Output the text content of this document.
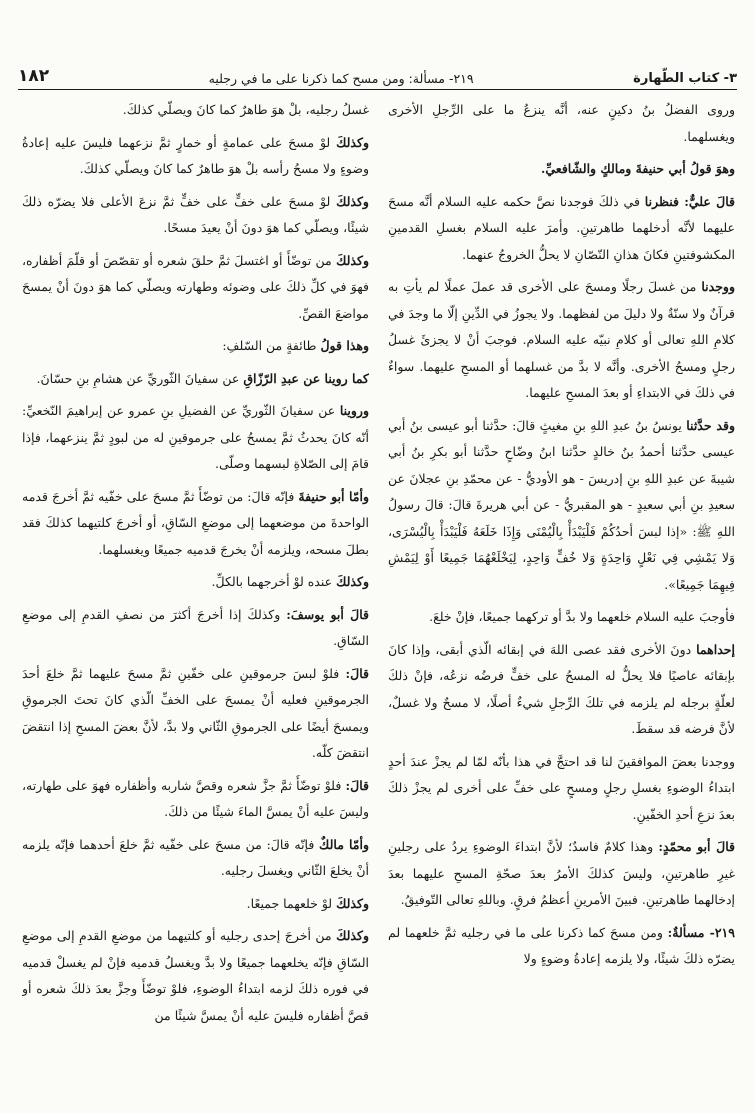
٣- كتاب الطّهارة
٢١٩- مسألة: ومن مسح كما ذكرنا على ما في رجليه
١٨٢

وروى الفضلُ بنُ دكينٍ عنه، أنَّه ينزعُ ما على الرِّجلِ الأخرى ويغسلهما.

وهوَ قولُ أبي حنيفةَ ومالكٍ والشّافعيِّ.

قالَ عليٌّ: فنظرنا في ذلكَ فوجدنا نصَّ حكمه عليه السلام أنَّه مسحَ عليهما لأنَّه أدخلهما طاهرتينِ. وأمرَ عليه السلام بغسلِ القدمينِ المكشوفتينِ فكانَ هذانِ النّصّانِ لا يحلُّ الخروجُ عنهما.

ووجدنا من غسلَ رجلًا ومسحَ على الأخرى قد عملَ عملًا لم يأتِ به قرآنٌ ولا سنّةٌ ولا دليلَ من لفظهما. ولا يجوزُ في الدِّينِ إلّا ما وجدَ في كلامِ اللهِ تعالى أو كلامِ نبيّه عليه السلام. فوجبَ أنْ لا يجزئَ غسلُ رجلٍ ومسحُ الأخرى. وأنَّه لا بدَّ من غسلهما أو المسحِ عليهما. سواءٌ في ذلكَ في الابتداءِ أو بعدَ المسحِ عليهما.

وقد حدَّثنا يونسُ بنُ عبدِ اللهِ بنِ مغيثٍ قالَ: حدَّثنا أبو عيسى بنُ أبي عيسى حدَّثنا أحمدُ بنُ خالدٍ حدَّثنا ابنُ وضّاحٍ حدَّثنا أبو بكرِ بنُ أبي شيبةَ عن عبدِ اللهِ بنِ إدريسَ - هو الأوديُّ - عن محمّدِ بنِ عجلانَ عن سعيدِ بنِ أبي سعيدٍ - هو المقبريُّ - عن أبي هريرةَ قالَ: قالَ رسولُ اللهِ ﷺ: «إذا لبسَ أحدُكُمْ فَلْيَبْدَأْ بِالْيُمْنَى وَإِذَا خَلَعَهُ فَلْيَبْدَأْ بِالْيُسْرَى، وَلا يَمْشِي فِي نَعْلٍ وَاحِدَةٍ وَلا خُفٍّ وَاحِدٍ، لِيَخْلَعْهُمَا جَمِيعًا أَوْ لِيَمْشِ فِيهِمَا جَمِيعًا».

فأوجبَ عليه السلام خلعهما ولا بدَّ أو تركهما جميعًا، فإنْ خلعَ.

إحداهما دونَ الأخرى فقد عصى اللهَ في إبقائه الّذي أبقى، وإذا كانَ بإبقائه عاصيًا فلا يحلُّ له المسحُ على خفٍّ فرضُه نزعُه، فإنْ ذلكَ لعلّةٍ برجله لم يلزمه في تلكَ الرِّجلِ شيءٌ أصلًا، لا مسحٌ ولا غسلٌ، لأنَّ فرضه قد سقطَ.

ووجدنا بعضَ الموافقينَ لنا قد احتجَّ في هذا بأنّه لمّا لم يجزْ عندَ أحدٍ ابتداءُ الوضوءِ بغسلِ رجلٍ ومسحٍ على خفِّ على أخرى لم يجزْ ذلكَ بعدَ نزعِ أحدِ الخفّينِ.

قالَ أبو محمّدٍ: وهذا كلامٌ فاسدٌ؛ لأنَّ ابتداءَ الوضوءِ يردُ على رجلينِ غيرِ طاهرتينِ، وليسَ كذلكَ الأمرُ بعدَ صحّةِ المسحِ عليهما بعدَ إدخالهما طاهرتينِ. فبينَ الأمرينِ أعظمُ فرقٍ. وباللهِ تعالى التّوفيقُ.

٢١٩- مسألةٌ: ومن مسحَ كما ذكرنا على ما في رجليه ثمَّ خلعهما لم يضرّه ذلكَ شيئًا، ولا يلزمه إعادةُ وضوءٍ ولا

غسلُ رجليه، بلْ هوَ طاهرٌ كما كانَ ويصلّي كذلكَ.

وكذلكَ لوْ مسحَ على عمامةٍ أو خمارٍ ثمَّ نزعهما فليسَ عليه إعادةُ وضوءٍ ولا مسحُ رأسه بلْ هوَ طاهرٌ كما كانَ ويصلّي كذلكَ.

وكذلكَ لوْ مسحَ على خفٍّ على خفٍّ ثمَّ نزعَ الأعلى فلا يضرّه ذلكَ شيئًا، ويصلّي كما هوَ دونَ أنْ يعيدَ مسحًا.

وكذلكَ من توضّأَ أو اغتسلَ ثمَّ حلقَ شعره أو تقصّصَ أو قلّمَ أظفاره، فهوَ في كلِّ ذلكَ على وضوئه وطهارته ويصلّي كما هوَ دونَ أنْ يمسحَ مواضعَ القصِّ.

وهذا قولُ طائفةٍ من السّلفِ:

كما روينا عن عبدِ الرّزّاقِ عن سفيانَ الثّوريِّ عن هشامِ بنِ حسّانَ.

وروينا عن سفيانَ الثّوريِّ عن الفضيلِ بنِ عمرو عن إبراهيمَ النّخعيِّ: أنّه كانَ يحدثُ ثمَّ يمسحُ على جرموقينِ له من لبودٍ ثمَّ ينزعهما، فإذا قامَ إلى الصّلاةِ لبسهما وصلّى.

وأمّا أبو حنيفةَ فإنّه قالَ: من توضّأَ ثمَّ مسحَ على خفّيه ثمَّ أخرجَ قدمه الواحدةَ من موضعهما إلى موضعِ السّاقِ، أو أخرجَ كلتيهما كذلكَ فقد بطلَ مسحه، ويلزمه أنْ يخرجَ قدميه جميعًا ويغسلهما.

وكذلكَ عنده لوْ أخرجهما بالكلِّ.

قالَ أبو يوسفَ: وكذلكَ إذا أخرجَ أكثرَ من نصفِ القدمِ إلى موضعِ السّاقِ.

قالَ: فلوْ لبسَ جرموقينِ على خفّينِ ثمَّ مسحَ عليهما ثمَّ خلعَ أحدَ الجرموقينِ فعليه أنْ يمسحَ على الخفِّ الّذي كانَ تحتَ الجرموقِ ويمسحَ أيضًا على الجرموقِ الثّاني ولا بدَّ، لأنَّ بعضَ المسحِ إذا انتقضَ انتقضَ كلّه.

قالَ: فلوْ توضّأَ ثمَّ جزَّ شعره وقصَّ شاربه وأظفاره فهوَ على طهارته، وليسَ عليه أنْ يمسَّ الماءَ شيئًا من ذلكَ.

وأمّا مالكٌ فإنّه قالَ: من مسحَ على خفّيه ثمَّ خلعَ أحدهما فإنّه يلزمه أنْ يخلعَ الثّاني ويغسلَ رجليه.

وكذلكَ لوْ خلعهما جميعًا.

وكذلكَ من أخرجَ إحدى رجليه أو كلتيهما من موضعِ القدمِ إلى موضعِ السّاقِ فإنّه يخلعهما جميعًا ولا بدَّ ويغسلُ قدميه فإنْ لم يغسلْ قدميه في فوره ذلكَ لزمه ابتداءُ الوضوءِ، فلوْ توضّأَ وجزَّ بعدَ ذلكَ شعره أو قصَّ أظفاره فليسَ عليه أنْ يمسَّ شيئًا من
